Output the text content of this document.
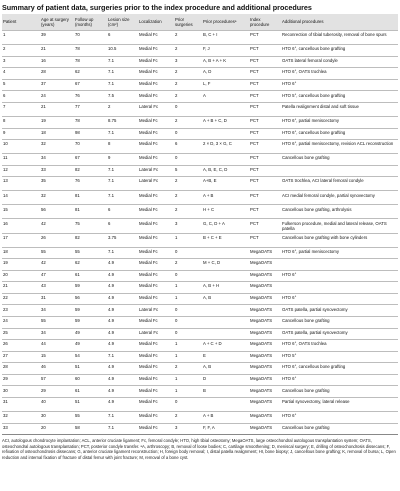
Summary of patient data, surgeries prior to the index procedure and additional procedures
Patient	Age at surgery (years)	Follow up (months)	Lesion size (cm²)	Localization	Prior surgeries	Prior proceduresᵃ	Index procedure	Additional procedures
1	39	70	6	Medial Fc	2	B, C + I	PCT	Reconrection of tibial tuberosity, removal of bone spurs
2	21	78	10.5	Medial Fc	2	F, J	PCT	HTO 6°, cancellous bone grafting
3	16	78	7.1	Medial Fc	3	A, B + A + K	PCT	OATS lateral femoral condyle
4	28	62	7.1	Medial Fc	2	A, D	PCT	HTO 6°, OATS trochlea
5	37	67	7.1	Medial Fc	2	L, F	PCT	HTO 6°
6	24	76	7.5	Medial Fc	2	A	PCT	HTO 5°, cancellous bone grafting
7	21	77	2	Lateral Fc	0		PCT	Patella realignment distal and soft tissue
8	19	78	8.75	Medial Fc	2	A + B + C, D	PCT	HTO 6°, partial meniscectomy
9	18	98	7.1	Medial Fc	0		PCT	HTO 6°, cancellous bone grafting
10	32	70	8	Medial Fc	6	2 × D, 3 × G, C	PCT	HTO 6°, partial meniscectomy, revision ACL reconstruction
11	34	67	9	Medial Fc	0		PCT	Cancellous bone grafting
12	33	82	7.1	Lateral Fc	5	A, B, E, C, D	PCT	
13	35	76	7.1	Lateral Fc	2	A+B, E	PCT	OATS trochlea, ACI lateral femoral condyle
14	32	81	7.1	Medial Fc	2	A + B	PCT	ACI medial femoral condyle, partial synovectomy
15	56	81	6	Medial Fc	2	H + C	PCT	Cancellous bone grafting, arthrolysis
16	42	75	6	Medial Fc	3	G, C, D + A	PCT	Fulkerson procedure, medial and lateral release, OATS patella
17	26	82	3.75	Medial Fc	1	B + C + E	PCT	Cancellous bone grafting with bone cylinders
18	55	55	7.1	Medial Fc	0		MegaOATS	HTO 6°, partial meniscectomy
19	42	62	4.9	Medial Fc	2	M + C, D	MegaOATS	
20	47	61	4.9	Medial Fc	0		MegaOATS	HTO 6°
21	43	59	4.9	Medial Fc	1	A, B + H	MegaOATS	
22	31	56	4.9	Medial Fc	1	A, B	MegaOATS	HTO 6°
23	34	59	4.9	Lateral Fc	0		MegaOATS	OATS patella, partial synovectomy
24	55	59	4.9	Medial Fc	0		MegaOATS	Cancellous bone grafting
25	34	49	4.9	Lateral Fc	0		MegaOATS	OATS patella, partial synovectomy
26	44	49	4.9	Medial Fc	1	A + C + D	MegaOATS	HTO 6°, OATS trochlea
27	15	54	7.1	Medial Fc	1	E	MegaOATS	HTO 5°
28	46	51	4.9	Medial Fc	2	A, B	MegaOATS	HTO 6°, cancellous bone grafting
29	57	60	4.9	Medial Fc	1	D	MegaOATS	HTO 6°
30	29	61	4.9	Medial Fc	1	B	MegaOATS	Cancellous bone grafting
31	40	51	4.9	Medial Fc	0		MegaOATS	Partial synovectomy, lateral release
32	30	55	7.1	Medial Fc	2	A + B	MegaOATS	HTO 6°
33	20	58	7.1	Medial Fc	3	F, F, A	MegaOATS	Cancellous bone grafting
ACI, autologous chondrocyte implantation; ACL, anterior cruciate ligament; Fc, femoral condyle; HTO, high tibial osteotomy; MegaOATS, large osteochondral autologous transplantation system; OATS, osteochondral autologous transplantation; PCT, posterior condyle transfer. ᵃA, arthroscopy; B, removal of loose bodies; C, cartilage smoothening; D, meniscal surgery; E, drilling of osteochondrosis dissecans; F, refixation of osteochondrosis dissecans; G, anterior cruciate ligament reconstruction; H, foreign body removal; I, distal patella realignment; HI, bone biopsy; J, cancellous bone grafting; K, removal of bursa; L, Open reduction and internal fixation of fracture of distal femur with joint fracture; M, removal of a bone cyst.
